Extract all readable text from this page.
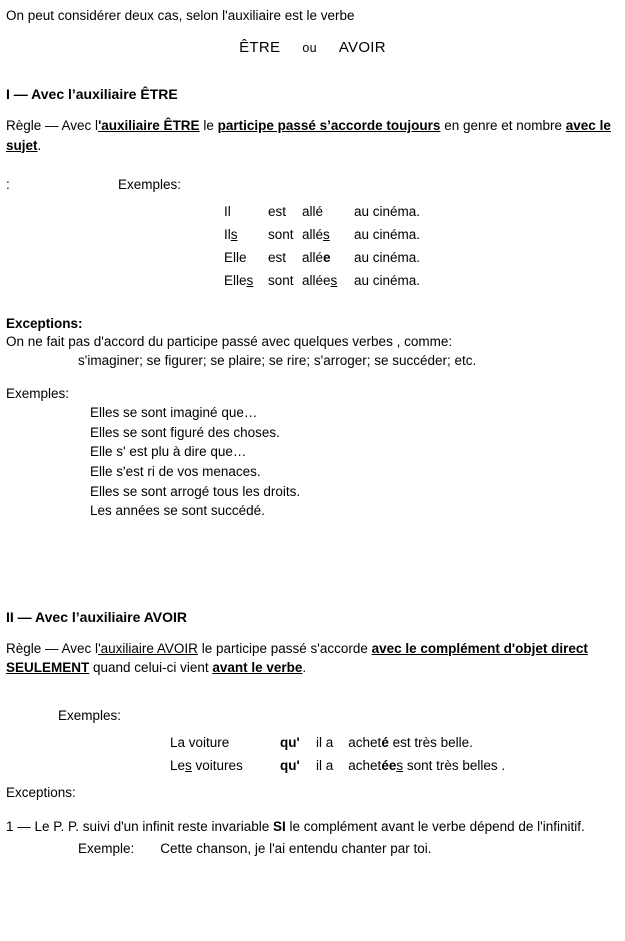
On peut considérer deux cas, selon l'auxiliaire est le verbe
ÊTRE ou AVOIR
I — Avec l’auxiliaire ÊTRE

Règle — Avec l'auxiliaire ÊTRE le participe passé s’accorde toujours en genre et nombre avec le sujet.

:	Exemples:
	Il	est	allé	au cinéma.
	Ils	sont	allés	au cinéma.
	Elle	est	allée	au cinéma.
	Elles	sont	allées	au cinéma.
Exceptions:
On ne fait pas d'accord du participe passé avec quelques verbes , comme:
s'imaginer; se figurer; se plaire; se rire; s'arroger; se succéder; etc.
Exemples:
Elles se sont imaginé que…
Elles se sont figuré des choses.
Elle s' est plu à dire que…
Elle s'est ri de vos menaces.
Elles se sont arrogé tous les droits.
Les années se sont succédé.
II — Avec l’auxiliaire AVOIR

Règle — Avec l'auxiliaire AVOIR le participe passé s'accorde avec le complément d'objet direct SEULEMENT quand celui-ci vient avant le verbe.

Exemples:
	La voiture	qu'	il a acheté est très belle.
	Les voitures	qu'	il a achetées sont très belles .
Exceptions:

1 — Le P. P. suivi d'un infinit reste invariable SI le complément avant le verbe dépend de l'infinitif.

Exemple: Cette chanson, je l'ai entendu chanter par toi.
